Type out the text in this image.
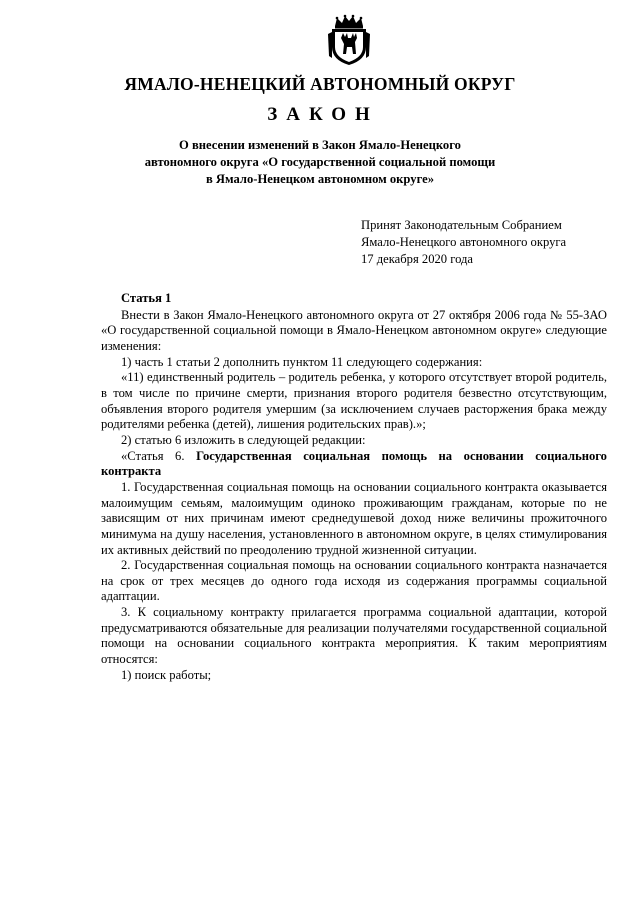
ЯМАЛО-НЕНЕЦКИЙ АВТОНОМНЫЙ ОКРУГ
ЗАКОН
О внесении изменений в Закон Ямало-Ненецкого
автономного округа «О государственной социальной помощи
в Ямало-Ненецком автономном округе»
Принят Законодательным Собранием
Ямало-Ненецкого автономного округа
17 декабря 2020 года

Статья 1

Внести в Закон Ямало-Ненецкого автономного округа от 27 октября 2006 года № 55-ЗАО «О государственной социальной помощи в Ямало-Ненецком автономном округе» следующие изменения:

1) часть 1 статьи 2 дополнить пунктом 11 следующего содержания:

«11) единственный родитель – родитель ребенка, у которого отсутствует второй родитель, в том числе по причине смерти, признания второго родителя безвестно отсутствующим, объявления второго родителя умершим (за исключением случаев расторжения брака между родителями ребенка (детей), лишения родительских прав).»;

2) статью 6 изложить в следующей редакции:

«Статья 6. Государственная социальная помощь на основании социального контракта

1. Государственная социальная помощь на основании социального контракта оказывается малоимущим семьям, малоимущим одиноко проживающим гражданам, которые по не зависящим от них причинам имеют среднедушевой доход ниже величины прожиточного минимума на душу населения, установленного в автономном округе, в целях стимулирования их активных действий по преодолению трудной жизненной ситуации.

2. Государственная социальная помощь на основании социального контракта назначается на срок от трех месяцев до одного года исходя из содержания программы социальной адаптации.

3. К социальному контракту прилагается программа социальной адаптации, которой предусматриваются обязательные для реализации получателями государственной социальной помощи на основании социального контракта мероприятия. К таким мероприятиям относятся:

1) поиск работы;
